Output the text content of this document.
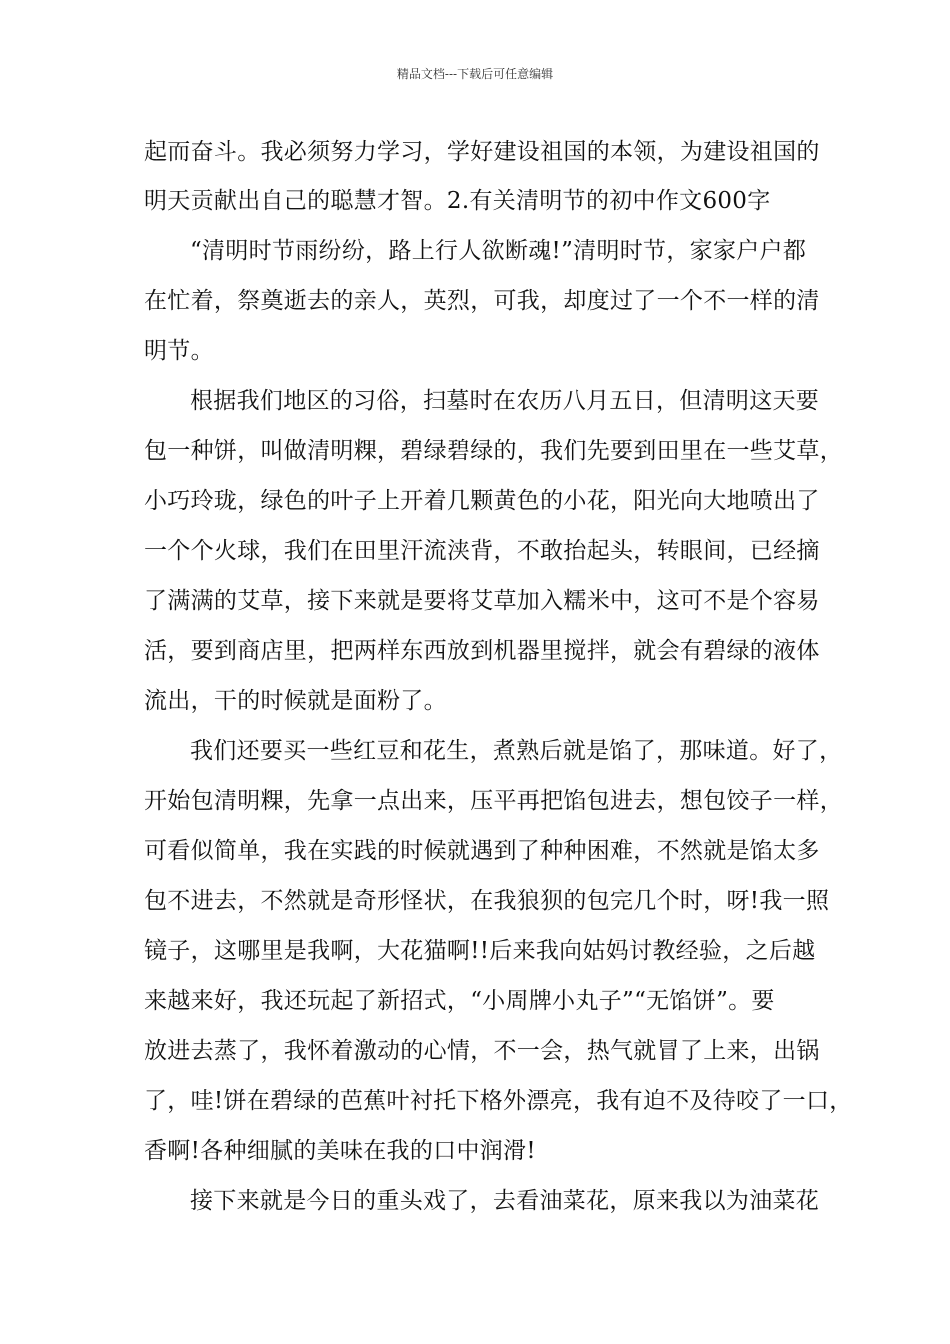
精品文档---下载后可任意编辑
起而奋斗。我必须努力学习，学好建设祖国的本领，为建设祖国的
明天贡献出自己的聪慧才智。2.有关清明节的初中作文600字
“清明时节雨纷纷，路上行人欲断魂!”清明时节，家家户户都
在忙着，祭奠逝去的亲人，英烈，可我，却度过了一个不一样的清
明节。
根据我们地区的习俗，扫墓时在农历八月五日，但清明这天要
包一种饼，叫做清明粿，碧绿碧绿的，我们先要到田里在一些艾草，
小巧玲珑，绿色的叶子上开着几颗黄色的小花，阳光向大地喷出了
一个个火球，我们在田里汗流浃背，不敢抬起头，转眼间，已经摘
了满满的艾草，接下来就是要将艾草加入糯米中，这可不是个容易
活，要到商店里，把两样东西放到机器里搅拌，就会有碧绿的液体
流出，干的时候就是面粉了。
我们还要买一些红豆和花生，煮熟后就是馅了，那味道。好了，
开始包清明粿，先拿一点出来，压平再把馅包进去，想包饺子一样，
可看似简单，我在实践的时候就遇到了种种困难，不然就是馅太多
包不进去，不然就是奇形怪状，在我狼狈的包完几个时，呀!我一照
镜子，这哪里是我啊，大花猫啊!!后来我向姑妈讨教经验，之后越
来越来好，我还玩起了新招式，“小周牌小丸子”“无馅饼”。要
放进去蒸了，我怀着激动的心情，不一会，热气就冒了上来，出锅
了，哇!饼在碧绿的芭蕉叶衬托下格外漂亮，我有迫不及待咬了一口，
香啊!各种细腻的美味在我的口中润滑!
接下来就是今日的重头戏了，去看油菜花，原来我以为油菜花
